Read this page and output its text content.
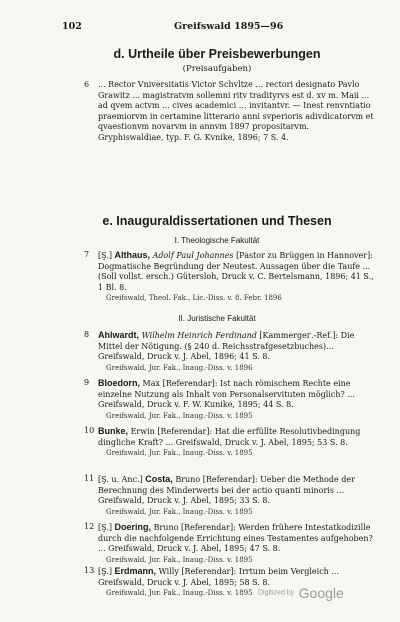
102	Greifswald 1895—96
d. Urtheile über Preisbewerbungen
(Preisaufgaben)
6 ... Rector Vniversitatis Victor Schvltze ... rectori designato Pavlo Grawitz ... magistratvm sollemni ritv tradityrvs est d. xv m. Maii ... ad qvem actvm ... cives academici ... invitantvr. — Inest renvntiatio praemiorvm in certamine litterario anni svperioris adivdicatorvm et qvaestionvm novarvm in annvm 1897 propositarvm. Gryphiswaldiae, typ. F. G. Kvnike, 1896; 7 S. 4.
e. Inauguraldissertationen und Thesen
I. Theologische Fakultät
7 [Ş.] Althaus, Adolf Paul Johannes [Pastor zu Brüggen in Hannover]: Dogmatische Begründung der Neutest. Aussagen über die Taufe ... (Soll vollst. ersch.) Gütersloh, Druck v. C. Bertelsmann, 1896; 41 S., 1 Bl. 8.
Greifswald, Theol. Fak., Lic.-Diss. v. 8. Febr. 1896
II. Juristische Fakultät
8 Ahlwardt, Wilhelm Heinrich Ferdinand [Kammergeг.-Ref.]: Die Mittel der Nötigung. (§ 240 d. Reichsstrafgesetzbuches)... Greifswald, Druck v. J. Abel, 1896; 41 S. 8.
Greifswald, Jur. Fak., Inaug.-Diss. v. 1896
9 Bloedorn, Max [Referendar]: Ist nach römischem Rechte eine einzelne Nutzung als Inhalt von Personalservituten möglich? ... Greifswald, Druck v. F. W. Kunike, 1895; 44 S. 8.
Greifswald, Jur. Fak., Inaug.-Diss. v. 1895
10 Bunke, Erwin [Referendar]: Hat die erfüllte Resolutivbedingung dingliche Kraft? ... Greifswald, Druck v. J. Abel, 1895; 53 S. 8.
Greifswald, Jur. Fak., Inaug.-Diss. v. 1895
11 [Ş. u. Anc.] Costa, Bruno [Referendar]: Ueber die Methode der Berechnung des Minderwerts bei der actio quanti minoris ... Greifswald, Druck v. J. Abel, 1895; 33 S. 8.
Greifswald, Jur. Fak., Inaug.-Diss. v. 1895
12 [Ş.] Doering, Bruno [Referendar]: Werden frühere Intestatkodizille durch die nachfolgende Errichtung eines Testamentes aufgehoben? ... Greifswald, Druck v. J. Abel, 1895; 47 S. 8.
Greifswald, Jur. Fak., Inaug.-Diss. v. 1895
13 [Ş.] Erdmann, Willy [Referendar]: Irrtum beim Vergleich ... Greifswald, Druck v. J. Abel, 1895; 58 S. 8.
Greifswald, Jur. Fak., Inaug.-Diss. v. 1895 Digitized by Google
